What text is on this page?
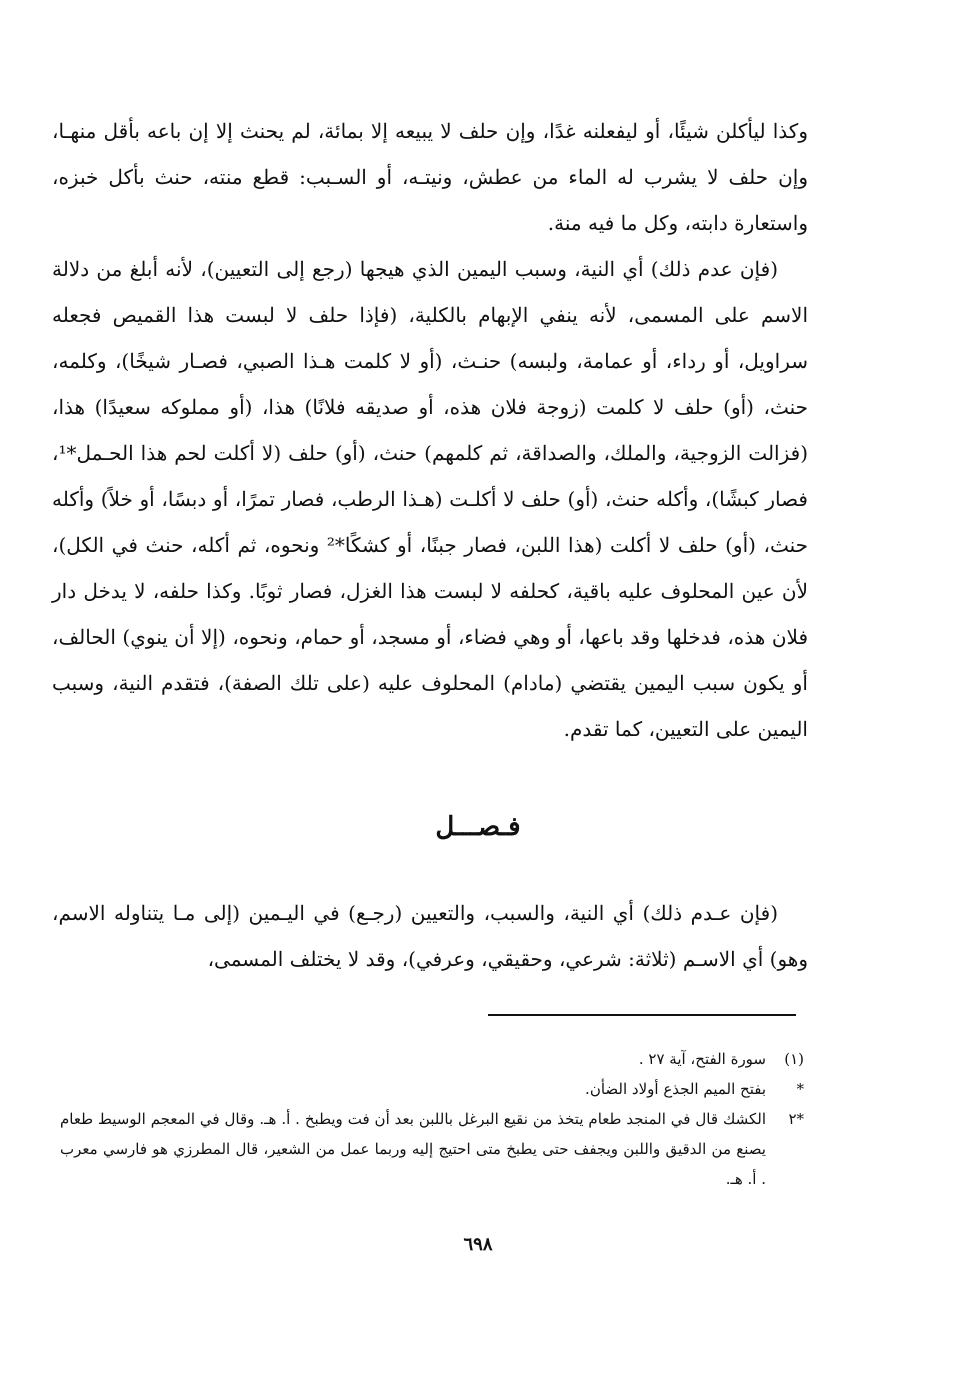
وكذا ليأكلن شيئًا، أو ليفعلنه غدًا، وإن حلف لا يبيعه إلا بمائة، لم يحنث إلا إن باعه بأقل منهـا، وإن حلف لا يشرب له الماء من عطش، ونيتـه، أو السـبب: قطع منته، حنث بأكل خبزه، واستعارة دابته، وكل ما فيه منة.

(فإن عدم ذلك) أي النية، وسبب اليمين الذي هيجها (رجع إلى التعيين)، لأنه أبلغ من دلالة الاسم على المسمى، لأنه ينفي الإبهام بالكلية، (فإذا حلف لا لبست هذا القميص فجعله سراويل، أو رداء، أو عمامة، ولبسه) حنـث، (أو لا كلمت هـذا الصبي، فصـار شيخًا)، وكلمه، حنث، (أو) حلف لا كلمت (زوجة فلان هذه، أو صديقه فلانًا) هذا، (أو مملوكه سعيدًا) هذا، (فزالت الزوجية، والملك، والصداقة، ثم كلمهم) حنث، (أو) حلف (لا أكلت لحم هذا الحـمل*¹، فصار كبشًا)، وأكله حنث، (أو) حلف لا أكلـت (هـذا الرطب، فصار تمرًا، أو دبسًا، أو خلاً) وأكله حنث، (أو) حلف لا أكلت (هذا اللبن، فصار جبنًا، أو كشكًا*² ونحوه، ثم أكله، حنث في الكل)، لأن عين المحلوف عليه باقية، كحلفه لا لبست هذا الغزل، فصار ثوبًا. وكذا حلفه، لا يدخل دار فلان هذه، فدخلها وقد باعها، أو وهي فضاء، أو مسجد، أو حمام، ونحوه، (إلا أن ينوي) الحالف، أو يكون سبب اليمين يقتضي (مادام) المحلوف عليه (على تلك الصفة)، فتقدم النية، وسبب اليمين على التعيين، كما تقدم.

فـصـــل

(فإن عـدم ذلك) أي النية، والسبب، والتعيين (رجـع) في اليـمين (إلى مـا يتناوله الاسم، وهو) أي الاسـم (ثلاثة: شرعي، وحقيقي، وعرفي)، وقد لا يختلف المسمى،

(١)
سورة الفتح، آية ٢٧ .
*
بفتح الميم الجذع أولاد الضأن.
*٢
الكشك قال في المنجد طعام يتخذ من نقيع البرغل باللبن بعد أن فت ويطبخ . أ. هـ. وقال في المعجم الوسيط طعام يصنع من الدقيق واللبن ويجفف حتى يطبخ متى احتيج إليه وربما عمل من الشعير، قال المطرزي هو فارسي معرب . أ. هـ.
٦٩٨
